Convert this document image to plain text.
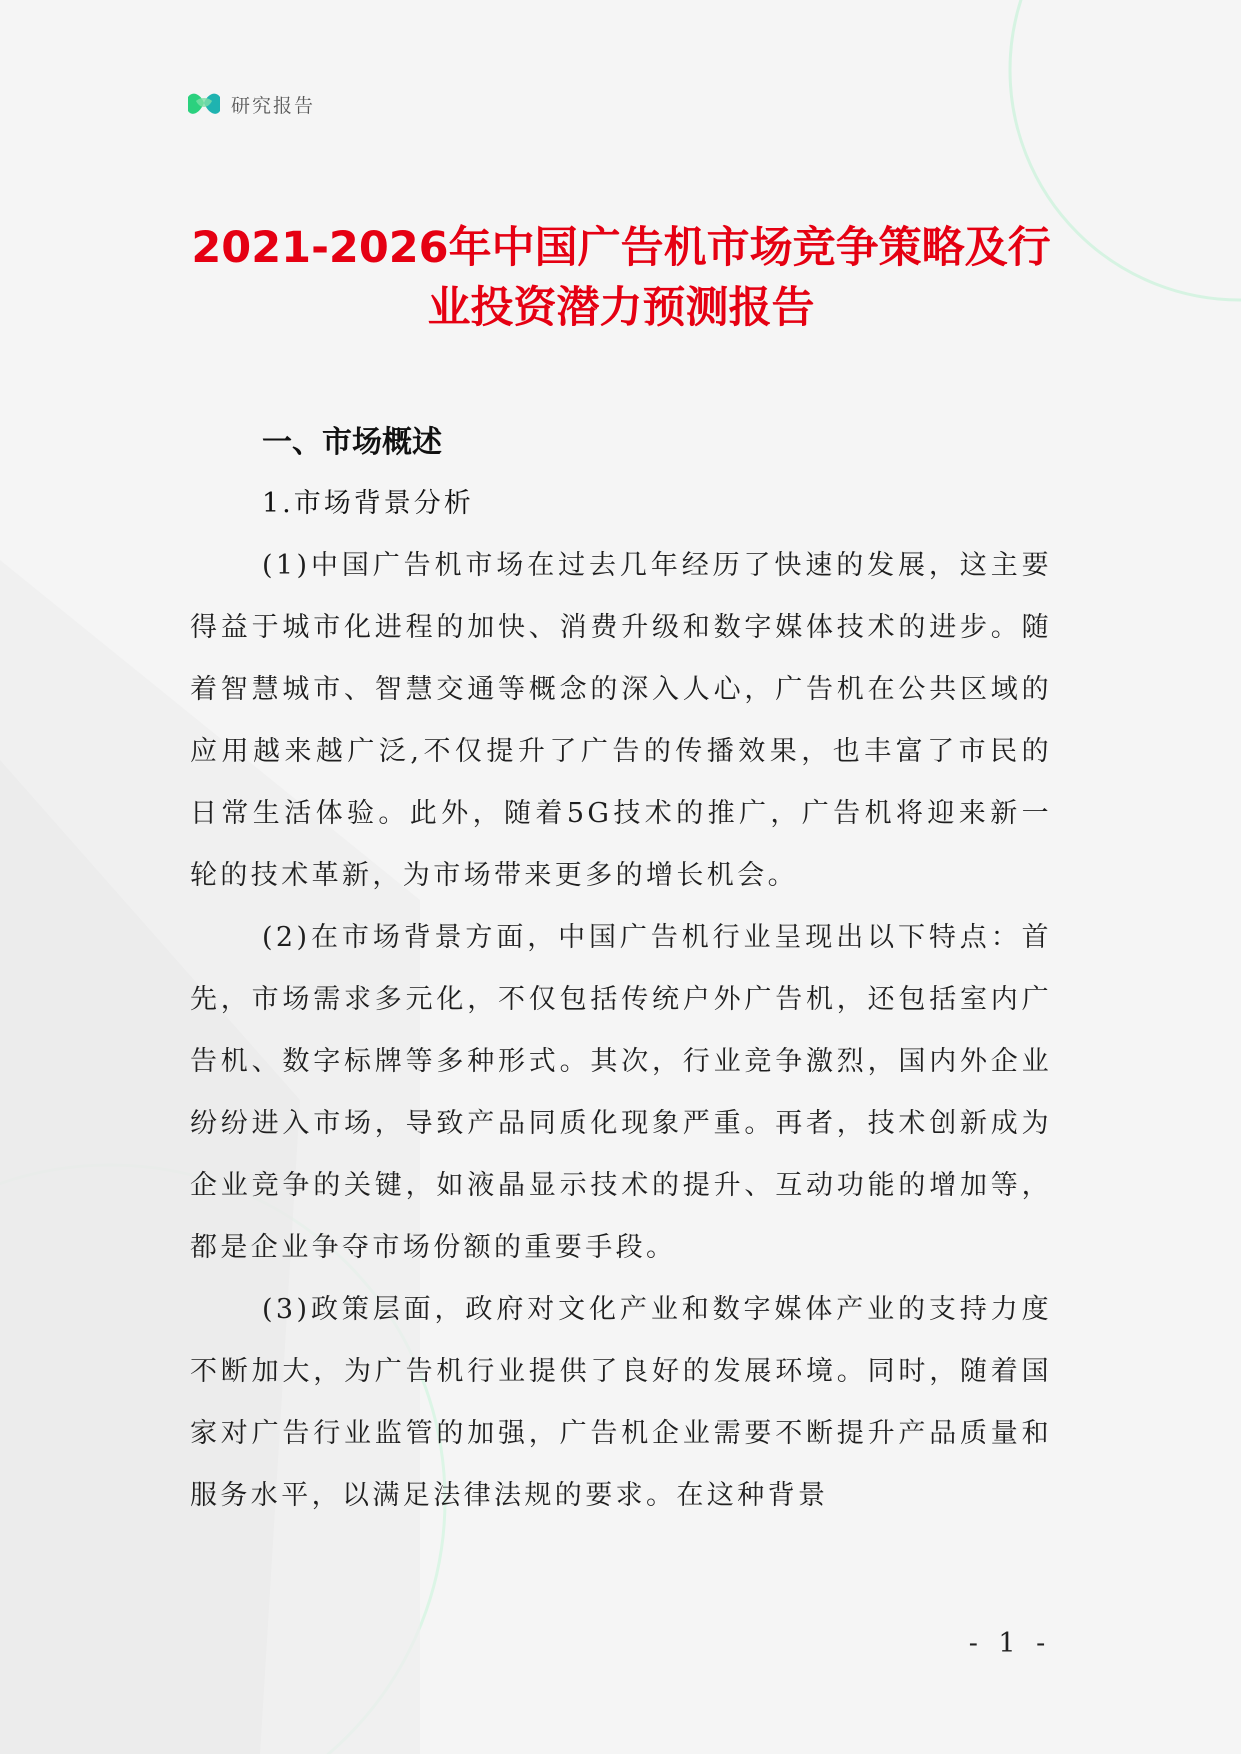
研究报告
2021-2026年中国广告机市场竞争策略及行业投资潜力预测报告

一、市场概述

1.市场背景分析

(1)中国广告机市场在过去几年经历了快速的发展，这主要得益于城市化进程的加快、消费升级和数字媒体技术的进步。随着智慧城市、智慧交通等概念的深入人心，广告机在公共区域的应用越来越广泛,不仅提升了广告的传播效果，也丰富了市民的日常生活体验。此外，随着5G技术的推广，广告机将迎来新一轮的技术革新，为市场带来更多的增长机会。

(2)在市场背景方面，中国广告机行业呈现出以下特点：首先，市场需求多元化，不仅包括传统户外广告机，还包括室内广告机、数字标牌等多种形式。其次，行业竞争激烈，国内外企业纷纷进入市场，导致产品同质化现象严重。再者，技术创新成为企业竞争的关键，如液晶显示技术的提升、互动功能的增加等，都是企业争夺市场份额的重要手段。

(3)政策层面，政府对文化产业和数字媒体产业的支持力度不断加大，为广告机行业提供了良好的发展环境。同时，随着国家对广告行业监管的加强，广告机企业需要不断提升产品质量和服务水平，以满足法律法规的要求。在这种背景

- 1 -
